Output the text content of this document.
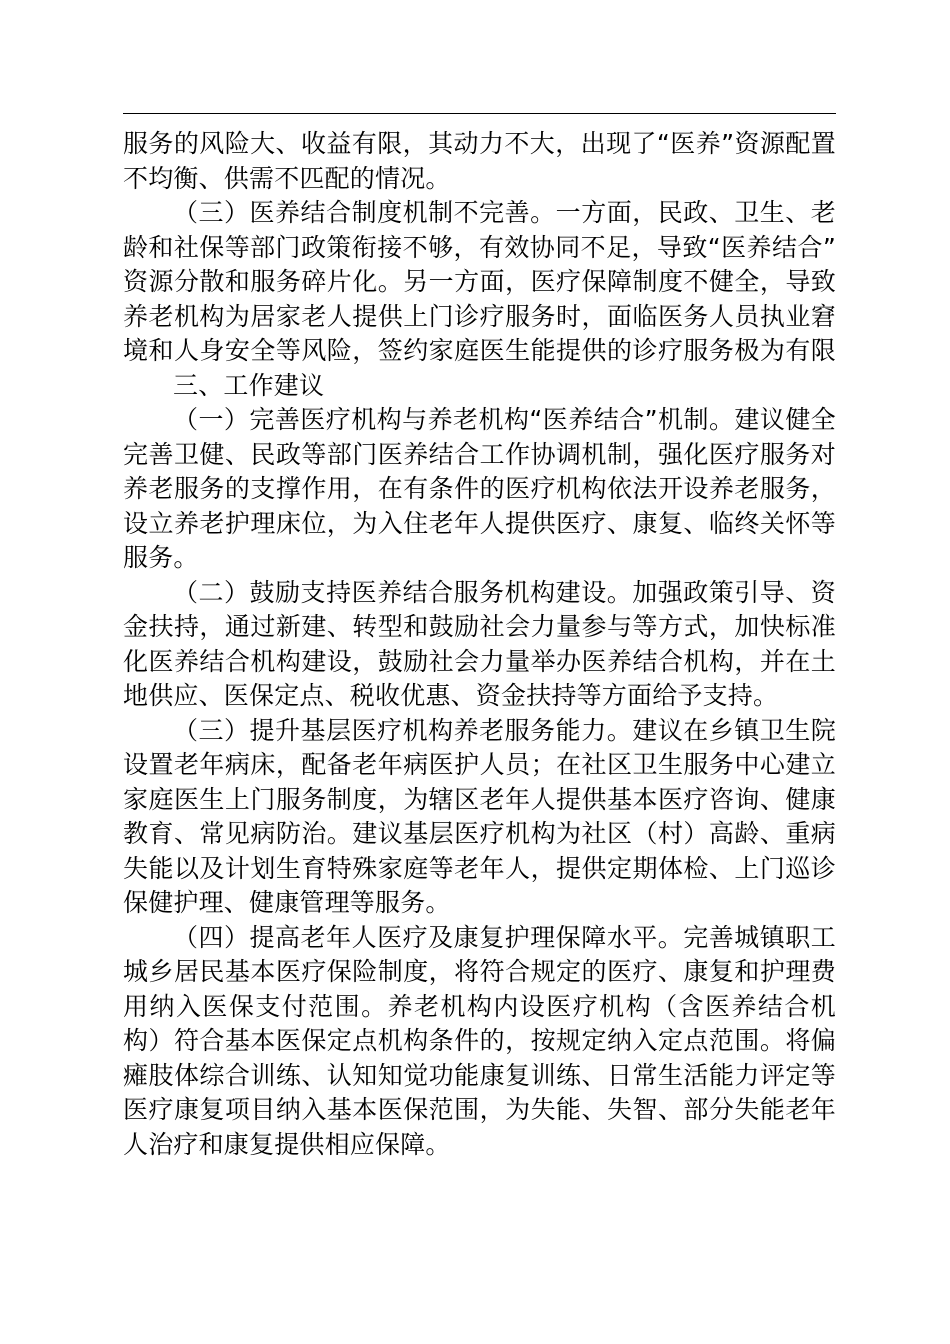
服务的风险大、收益有限，其动力不大，出现了“医养”资源配置
不均衡、供需不匹配的情况。
（三）医养结合制度机制不完善。一方面，民政、卫生、老
龄和社保等部门政策衔接不够，有效协同不足，导致“医养结合”
资源分散和服务碎片化。另一方面，医疗保障制度不健全，导致
养老机构为居家老人提供上门诊疗服务时，面临医务人员执业窘
境和人身安全等风险，签约家庭医生能提供的诊疗服务极为有限
三、工作建议
（一）完善医疗机构与养老机构“医养结合”机制。建议健全
完善卫健、民政等部门医养结合工作协调机制，强化医疗服务对
养老服务的支撑作用，在有条件的医疗机构依法开设养老服务，
设立养老护理床位，为入住老年人提供医疗、康复、临终关怀等
服务。
（二）鼓励支持医养结合服务机构建设。加强政策引导、资
金扶持，通过新建、转型和鼓励社会力量参与等方式，加快标准
化医养结合机构建设，鼓励社会力量举办医养结合机构，并在土
地供应、医保定点、税收优惠、资金扶持等方面给予支持。
（三）提升基层医疗机构养老服务能力。建议在乡镇卫生院
设置老年病床，配备老年病医护人员；在社区卫生服务中心建立
家庭医生上门服务制度，为辖区老年人提供基本医疗咨询、健康
教育、常见病防治。建议基层医疗机构为社区（村）高龄、重病
失能以及计划生育特殊家庭等老年人，提供定期体检、上门巡诊
保健护理、健康管理等服务。
（四）提高老年人医疗及康复护理保障水平。完善城镇职工
城乡居民基本医疗保险制度，将符合规定的医疗、康复和护理费
用纳入医保支付范围。养老机构内设医疗机构（含医养结合机
构）符合基本医保定点机构条件的，按规定纳入定点范围。将偏
瘫肢体综合训练、认知知觉功能康复训练、日常生活能力评定等
医疗康复项目纳入基本医保范围，为失能、失智、部分失能老年
人治疗和康复提供相应保障。
